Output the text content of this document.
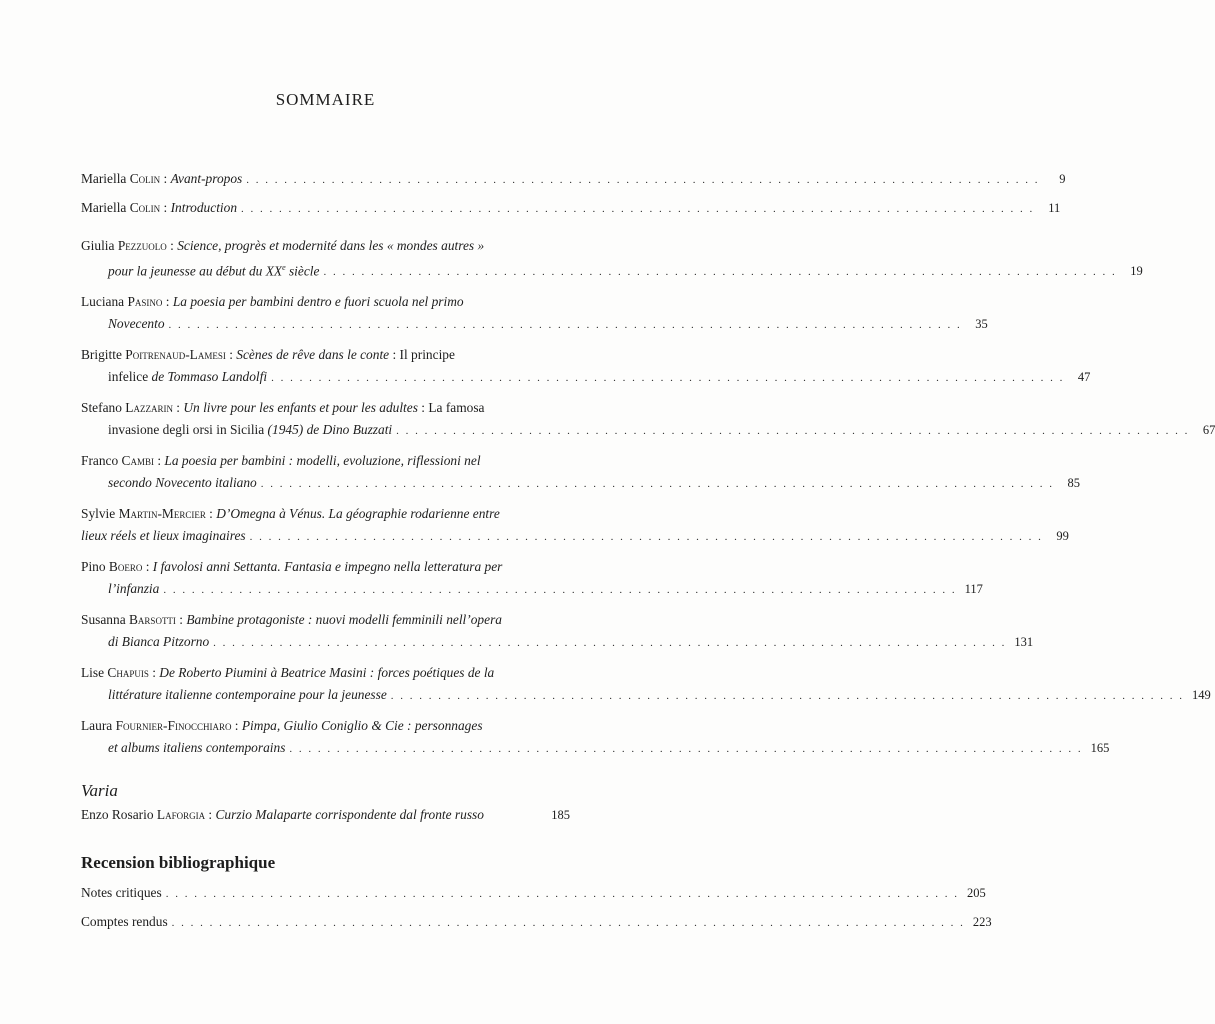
SOMMAIRE
Mariella Colin : Avant-propos . . . . . . . . . . . . . . . . . . . . . . . . . . . . . . . . . . . . . . . . . . . . . . . . . . . . . . . . . . . . . . . . . . . . . . . . . . . . . . . . . . . .	9
Mariella Colin : Introduction . . . . . . . . . . . . . . . . . . . . . . . . . . . . . . . . . . . . . . . . . . . . . . . . . . . . . . . . . . . . . . . . . . . . . . . . . . . . . . . . . . . .	11
Giulia Pezzuolo : Science, progrès et modernité dans les « mondes autres »
pour la jeunesse au début du XXe siècle . . . . . . . . . . . . . . . . . . . . . . . . . . . . . . . . . . . . . . . . . . . . . . . . . . . . . . . . . . . . . . . . . . . . . . . . . . . . . . . . . . . .	19
Luciana Pasino : La poesia per bambini dentro e fuori scuola nel primo
Novecento . . . . . . . . . . . . . . . . . . . . . . . . . . . . . . . . . . . . . . . . . . . . . . . . . . . . . . . . . . . . . . . . . . . . . . . . . . . . . . . . . . . .	35
Brigitte Poitrenaud-Lamesi : Scènes de rêve dans le conte : Il principe
infelice de Tommaso Landolfi . . . . . . . . . . . . . . . . . . . . . . . . . . . . . . . . . . . . . . . . . . . . . . . . . . . . . . . . . . . . . . . . . . . . . . . . . . . . . . . . . . . .	47
Stefano Lazzarin : Un livre pour les enfants et pour les adultes : La famosa
invasione degli orsi in Sicilia (1945) de Dino Buzzati . . . . . . . . . . . . . . . . . . . . . . . . . . . . . . . . . . . . . . . . . . . . . . . . . . . . . . . . . . . . . . . . . . . . . . . . . . . . . . . . . . . .	67
Franco Cambi : La poesia per bambini : modelli, evoluzione, riflessioni nel
secondo Novecento italiano . . . . . . . . . . . . . . . . . . . . . . . . . . . . . . . . . . . . . . . . . . . . . . . . . . . . . . . . . . . . . . . . . . . . . . . . . . . . . . . . . . . .	85
Sylvie Martin-Mercier : D’Omegna à Vénus. La géographie rodarienne entre
lieux réels et lieux imaginaires . . . . . . . . . . . . . . . . . . . . . . . . . . . . . . . . . . . . . . . . . . . . . . . . . . . . . . . . . . . . . . . . . . . . . . . . . . . . . . . . . . . .	99
Pino Boero : I favolosi anni Settanta. Fantasia e impegno nella letteratura per
l’infanzia . . . . . . . . . . . . . . . . . . . . . . . . . . . . . . . . . . . . . . . . . . . . . . . . . . . . . . . . . . . . . . . . . . . . . . . . . . . . . . . . . . . . 117
Susanna Barsotti : Bambine protagoniste : nuovi modelli femminili nell’opera
di Bianca Pitzorno . . . . . . . . . . . . . . . . . . . . . . . . . . . . . . . . . . . . . . . . . . . . . . . . . . . . . . . . . . . . . . . . . . . . . . . . . . . . . . . . . . . . 131
Lise Chapuis : De Roberto Piumini à Beatrice Masini : forces poétiques de la
littérature italienne contemporaine pour la jeunesse . . . . . . . . . . . . . . . . . . . . . . . . . . . . . . . . . . . . . . . . . . . . . . . . . . . . . . . . . . . . . . . . . . . . . . . . . . . . . . . . . . . . 149
Laura Fournier-Finocchiaro : Pimpa, Giulio Coniglio & Cie : personnages
et albums italiens contemporains . . . . . . . . . . . . . . . . . . . . . . . . . . . . . . . . . . . . . . . . . . . . . . . . . . . . . . . . . . . . . . . . . . . . . . . . . . . . . . . . . . . . 165
Varia
Enzo Rosario Laforgia : Curzio Malaparte corrispondente dal fronte russo	185
Recension bibliographique
Notes critiques . . . . . . . . . . . . . . . . . . . . . . . . . . . . . . . . . . . . . . . . . . . . . . . . . . . . . . . . . . . . . . . . . . . . . . . . . . . . . . . . . . . . 205
Comptes rendus . . . . . . . . . . . . . . . . . . . . . . . . . . . . . . . . . . . . . . . . . . . . . . . . . . . . . . . . . . . . . . . . . . . . . . . . . . . . . . . . . . . . 223
